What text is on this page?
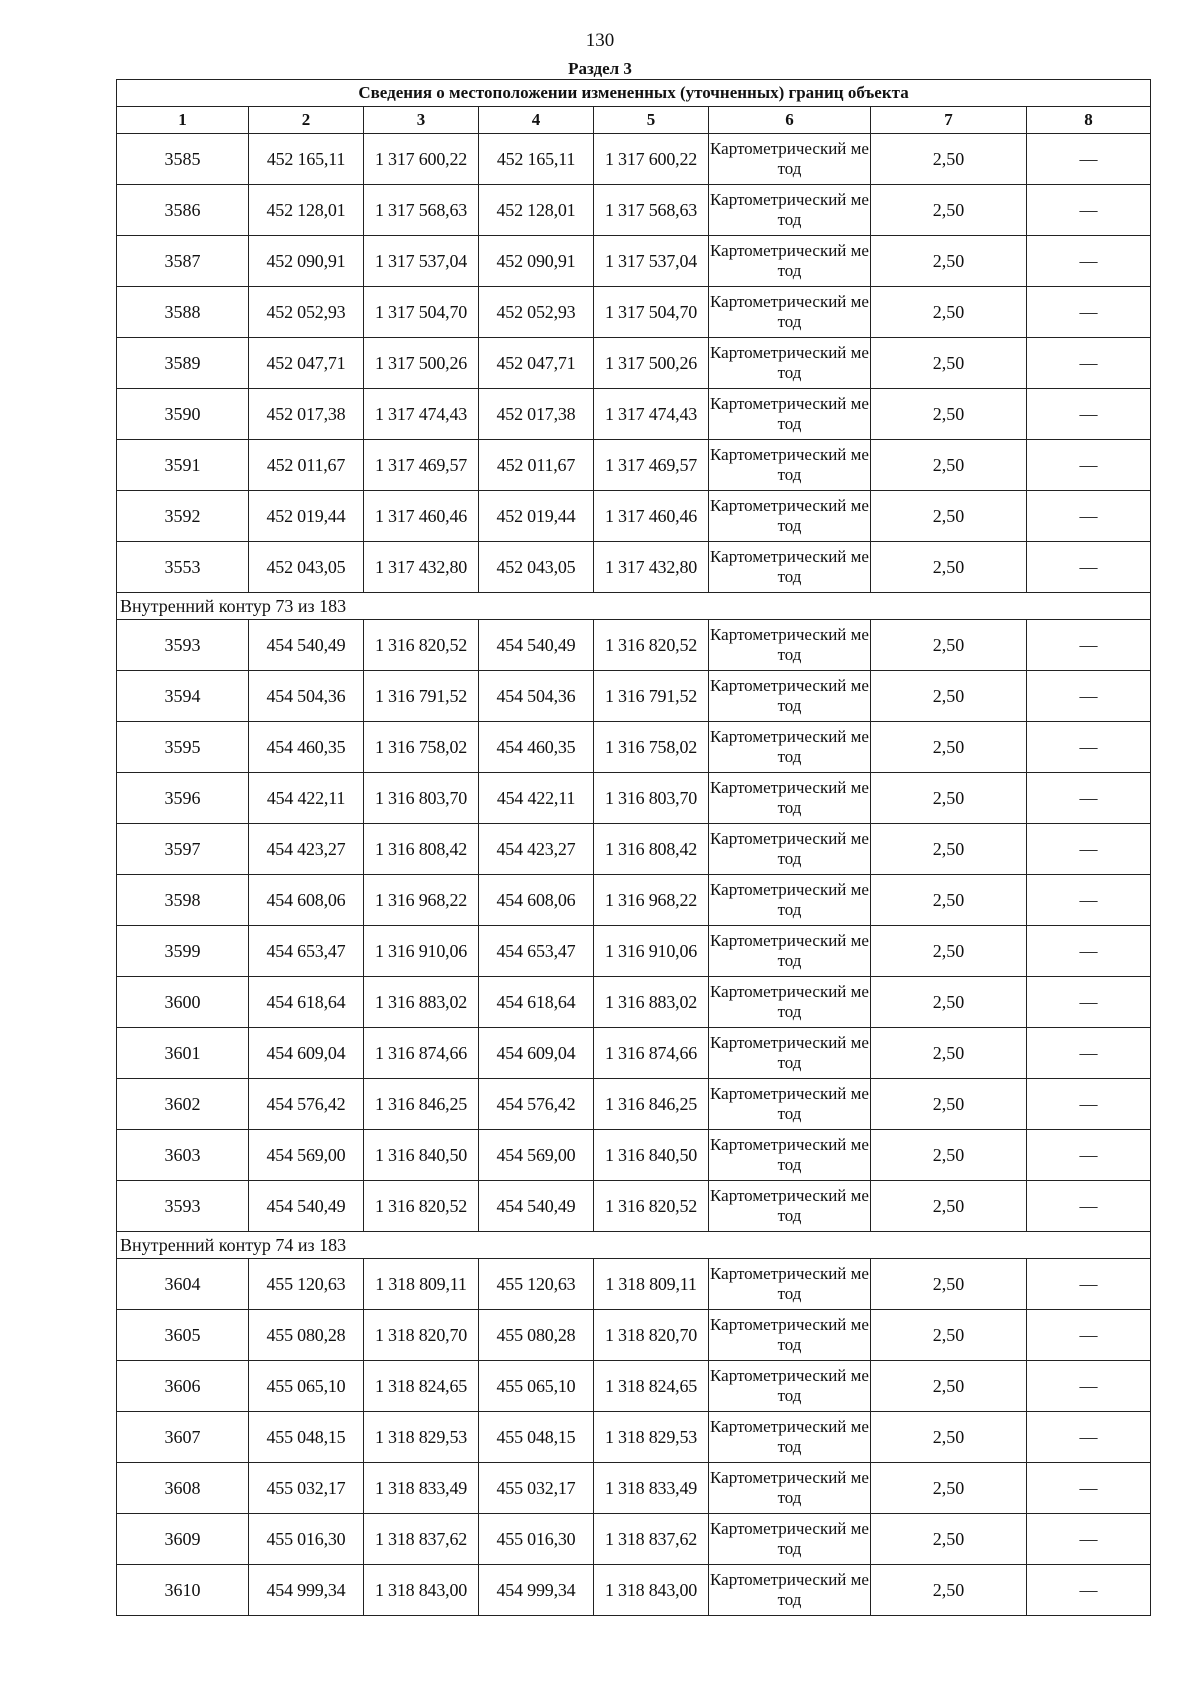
130
Раздел 3
Сведения о местоположении измененных (уточненных) границ объекта							
1	2	3	4	5	6	7	8
3585	452 165,11	1 317 600,22	452 165,11	1 317 600,22	Картометрический метод	2,50	—
3586	452 128,01	1 317 568,63	452 128,01	1 317 568,63	Картометрический метод	2,50	—
3587	452 090,91	1 317 537,04	452 090,91	1 317 537,04	Картометрический метод	2,50	—
3588	452 052,93	1 317 504,70	452 052,93	1 317 504,70	Картометрический метод	2,50	—
3589	452 047,71	1 317 500,26	452 047,71	1 317 500,26	Картометрический метод	2,50	—
3590	452 017,38	1 317 474,43	452 017,38	1 317 474,43	Картометрический метод	2,50	—
3591	452 011,67	1 317 469,57	452 011,67	1 317 469,57	Картометрический метод	2,50	—
3592	452 019,44	1 317 460,46	452 019,44	1 317 460,46	Картометрический метод	2,50	—
3553	452 043,05	1 317 432,80	452 043,05	1 317 432,80	Картометрический метод	2,50	—
Внутренний контур 73 из 183							
3593	454 540,49	1 316 820,52	454 540,49	1 316 820,52	Картометрический метод	2,50	—
3594	454 504,36	1 316 791,52	454 504,36	1 316 791,52	Картометрический метод	2,50	—
3595	454 460,35	1 316 758,02	454 460,35	1 316 758,02	Картометрический метод	2,50	—
3596	454 422,11	1 316 803,70	454 422,11	1 316 803,70	Картометрический метод	2,50	—
3597	454 423,27	1 316 808,42	454 423,27	1 316 808,42	Картометрический метод	2,50	—
3598	454 608,06	1 316 968,22	454 608,06	1 316 968,22	Картометрический метод	2,50	—
3599	454 653,47	1 316 910,06	454 653,47	1 316 910,06	Картометрический метод	2,50	—
3600	454 618,64	1 316 883,02	454 618,64	1 316 883,02	Картометрический метод	2,50	—
3601	454 609,04	1 316 874,66	454 609,04	1 316 874,66	Картометрический метод	2,50	—
3602	454 576,42	1 316 846,25	454 576,42	1 316 846,25	Картометрический метод	2,50	—
3603	454 569,00	1 316 840,50	454 569,00	1 316 840,50	Картометрический метод	2,50	—
3593	454 540,49	1 316 820,52	454 540,49	1 316 820,52	Картометрический метод	2,50	—
Внутренний контур 74 из 183							
3604	455 120,63	1 318 809,11	455 120,63	1 318 809,11	Картометрический метод	2,50	—
3605	455 080,28	1 318 820,70	455 080,28	1 318 820,70	Картометрический метод	2,50	—
3606	455 065,10	1 318 824,65	455 065,10	1 318 824,65	Картометрический метод	2,50	—
3607	455 048,15	1 318 829,53	455 048,15	1 318 829,53	Картометрический метод	2,50	—
3608	455 032,17	1 318 833,49	455 032,17	1 318 833,49	Картометрический метод	2,50	—
3609	455 016,30	1 318 837,62	455 016,30	1 318 837,62	Картометрический метод	2,50	—
3610	454 999,34	1 318 843,00	454 999,34	1 318 843,00	Картометрический метод	2,50	—
